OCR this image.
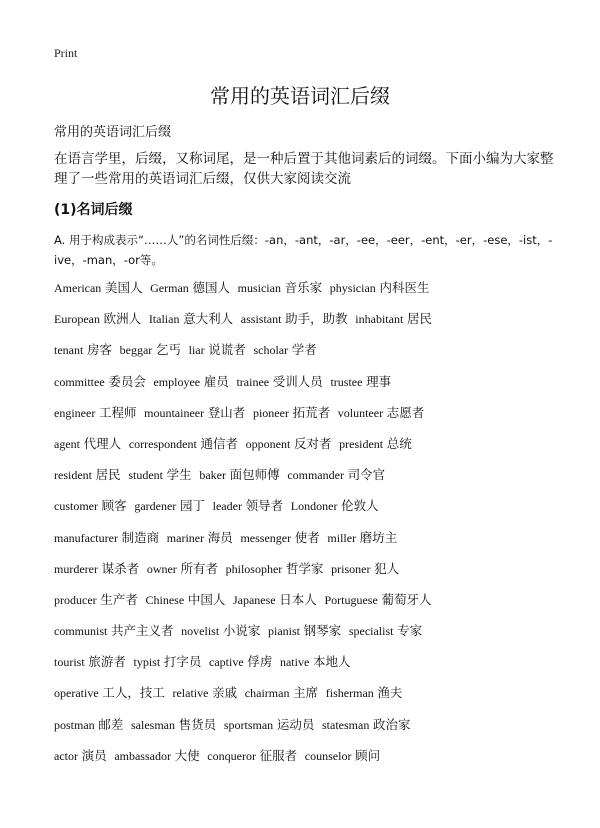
Print
常用的英语词汇后缀
常用的英语词汇后缀
在语言学里，后缀，又称词尾，是一种后置于其他词素后的词缀。下面小编为大家整理了一些常用的英语词汇后缀，仅供大家阅读交流
(1)名词后缀
A. 用于构成表示“……人”的名词性后缀：-an，-ant，-ar，-ee，-eer，-ent，-er，-ese，-ist，-ive，-man，-or等。
American 美国人 German 德国人 musician 音乐家 physician 内科医生
European 欧洲人 Italian 意大利人 assistant 助手，助教 inhabitant 居民
tenant 房客 beggar 乞丐 liar 说谎者 scholar 学者
committee 委员会 employee 雇员 trainee 受训人员 trustee 理事
engineer 工程师 mountaineer 登山者 pioneer 拓荒者 volunteer 志愿者
agent 代理人 correspondent 通信者 opponent 反对者 president 总统
resident 居民 student 学生 baker 面包师傅 commander 司令官
customer 顾客 gardener 园丁 leader 领导者 Londoner 伦敦人
manufacturer 制造商 mariner 海员 messenger 使者 miller 磨坊主
murderer 谋杀者 owner 所有者 philosopher 哲学家 prisoner 犯人
producer 生产者 Chinese 中国人 Japanese 日本人 Portuguese 葡萄牙人
communist 共产主义者 novelist 小说家 pianist 钢琴家 specialist 专家
tourist 旅游者 typist 打字员 captive 俘虏 native 本地人
operative 工人，技工 relative 亲戚 chairman 主席 fisherman 渔夫
postman 邮差 salesman 售货员 sportsman 运动员 statesman 政治家
actor 演员 ambassador 大使 conqueror 征服者 counselor 顾问
